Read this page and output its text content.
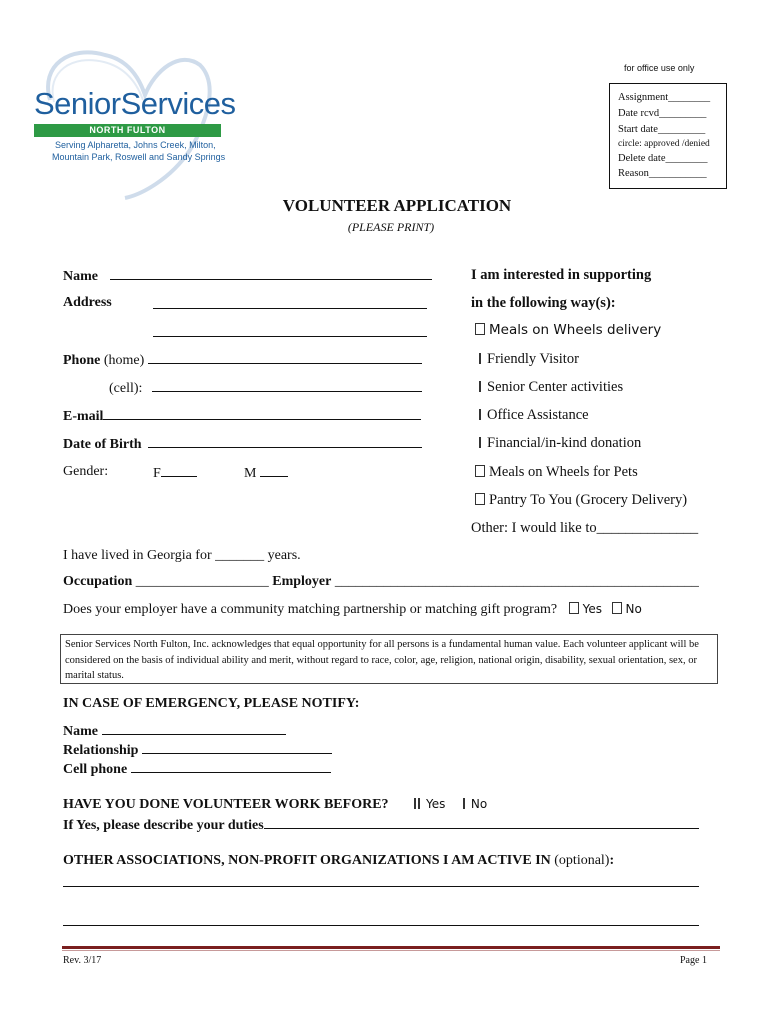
SeniorServices
NORTH FULTON
Serving Alpharetta, Johns Creek, Milton,
Mountain Park, Roswell and Sandy Springs
for office use only
Assignment________
Date rcvd_________
Start date_________
circle: approved /denied
Delete date________
Reason___________
VOLUNTEER APPLICATION
(PLEASE PRINT)
Name
Address
Phone (home)
(cell):
E-mail
Date of Birth
Gender:	F	M
I am interested in supporting
in the following way(s):
Meals on Wheels delivery
Friendly Visitor
Senior Center activities
Office Assistance
Financial/in-kind donation
Meals on Wheels for Pets
Pantry To You (Grocery Delivery)
Other: I would like to______________
I have lived in Georgia for _______ years.
Occupation ___________________ Employer ____________________________________________________
Does your employer have a community matching partnership or matching gift program? Yes No
Senior Services North Fulton, Inc. acknowledges that equal opportunity for all persons is a fundamental human value. Each volunteer applicant will be considered on the basis of individual ability and merit, without regard to race, color, age, religion, national origin, disability, sexual orientation, sex, or marital status.
IN CASE OF EMERGENCY, PLEASE NOTIFY:
Name
Relationship
Cell phone
HAVE YOU DONE VOLUNTEER WORK BEFORE?	Yes No
If Yes, please describe your duties
OTHER ASSOCIATIONS, NON-PROFIT ORGANIZATIONS I AM ACTIVE IN (optional):
Rev. 3/17	Page 1
